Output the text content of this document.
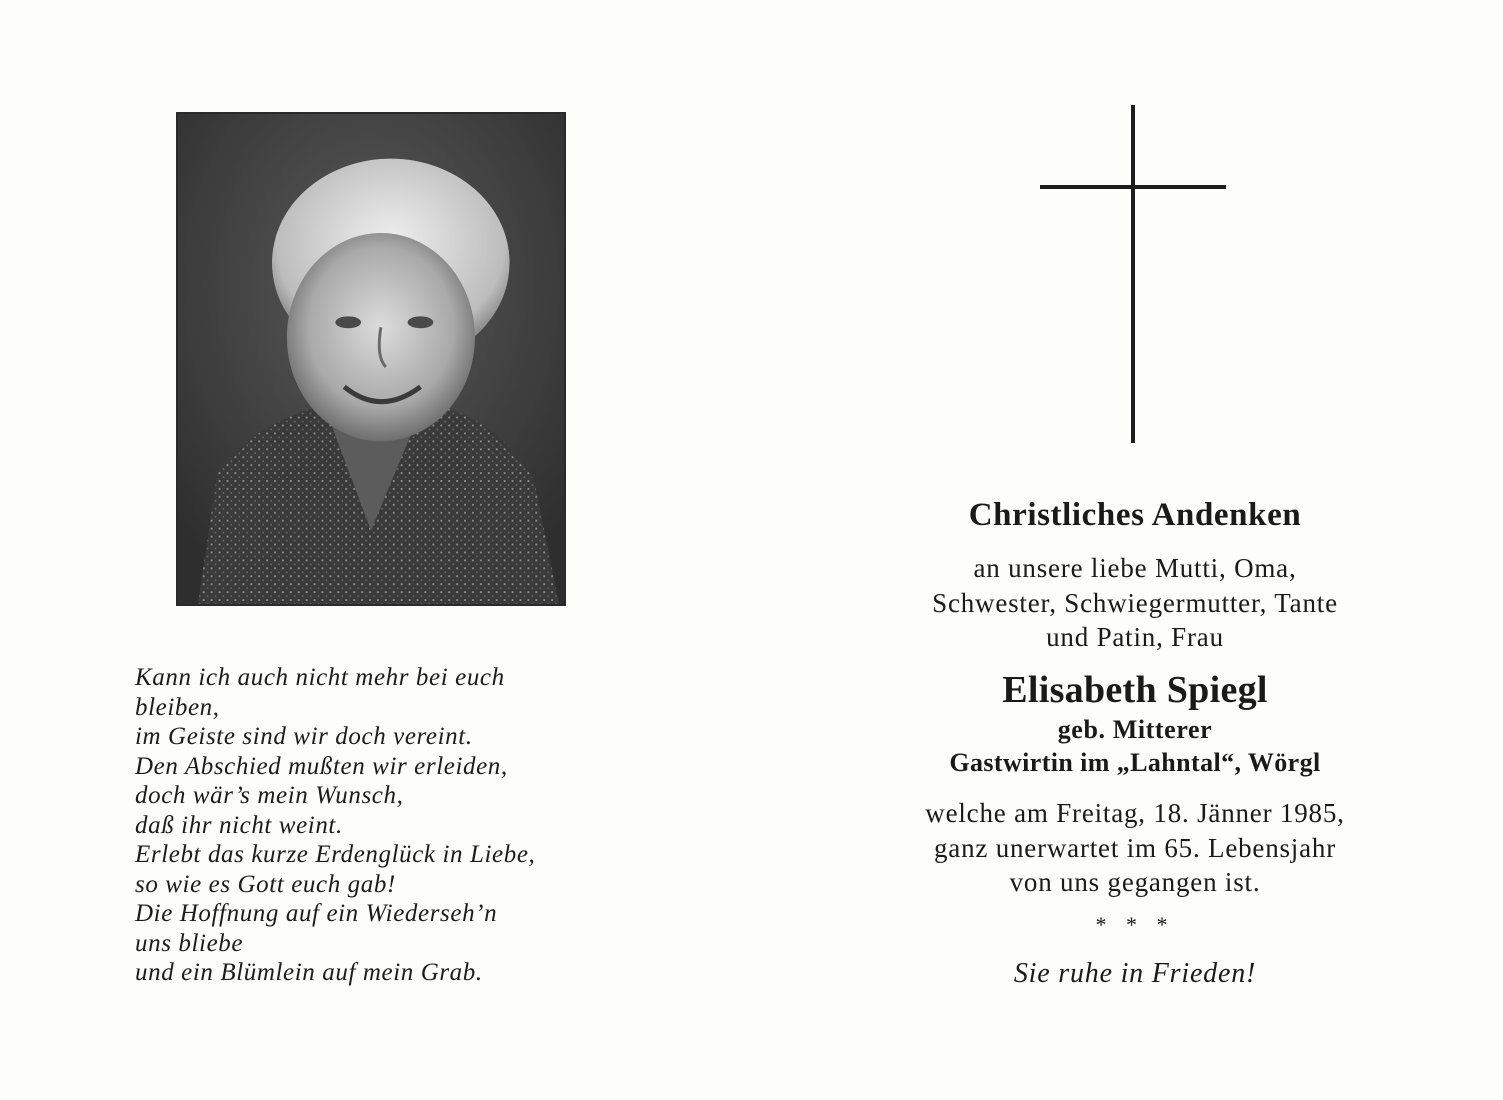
Kann ich auch nicht mehr bei euch
bleiben,
im Geiste sind wir doch vereint.
Den Abschied mußten wir erleiden,
doch wär’s mein Wunsch,
daß ihr nicht weint.
Erlebt das kurze Erdenglück in Liebe,
so wie es Gott euch gab!
Die Hoffnung auf ein Wiederseh’n
uns bliebe
und ein Blümlein auf mein Grab.
Christliches Andenken
an unsere liebe Mutti, Oma,
Schwester, Schwiegermutter, Tante
und Patin, Frau
Elisabeth Spiegl
geb. Mitterer
Gastwirtin im „Lahntal“, Wörgl
welche am Freitag, 18. Jänner 1985,
ganz unerwartet im 65. Lebensjahr
von uns gegangen ist.
* * *
Sie ruhe in Frieden!
